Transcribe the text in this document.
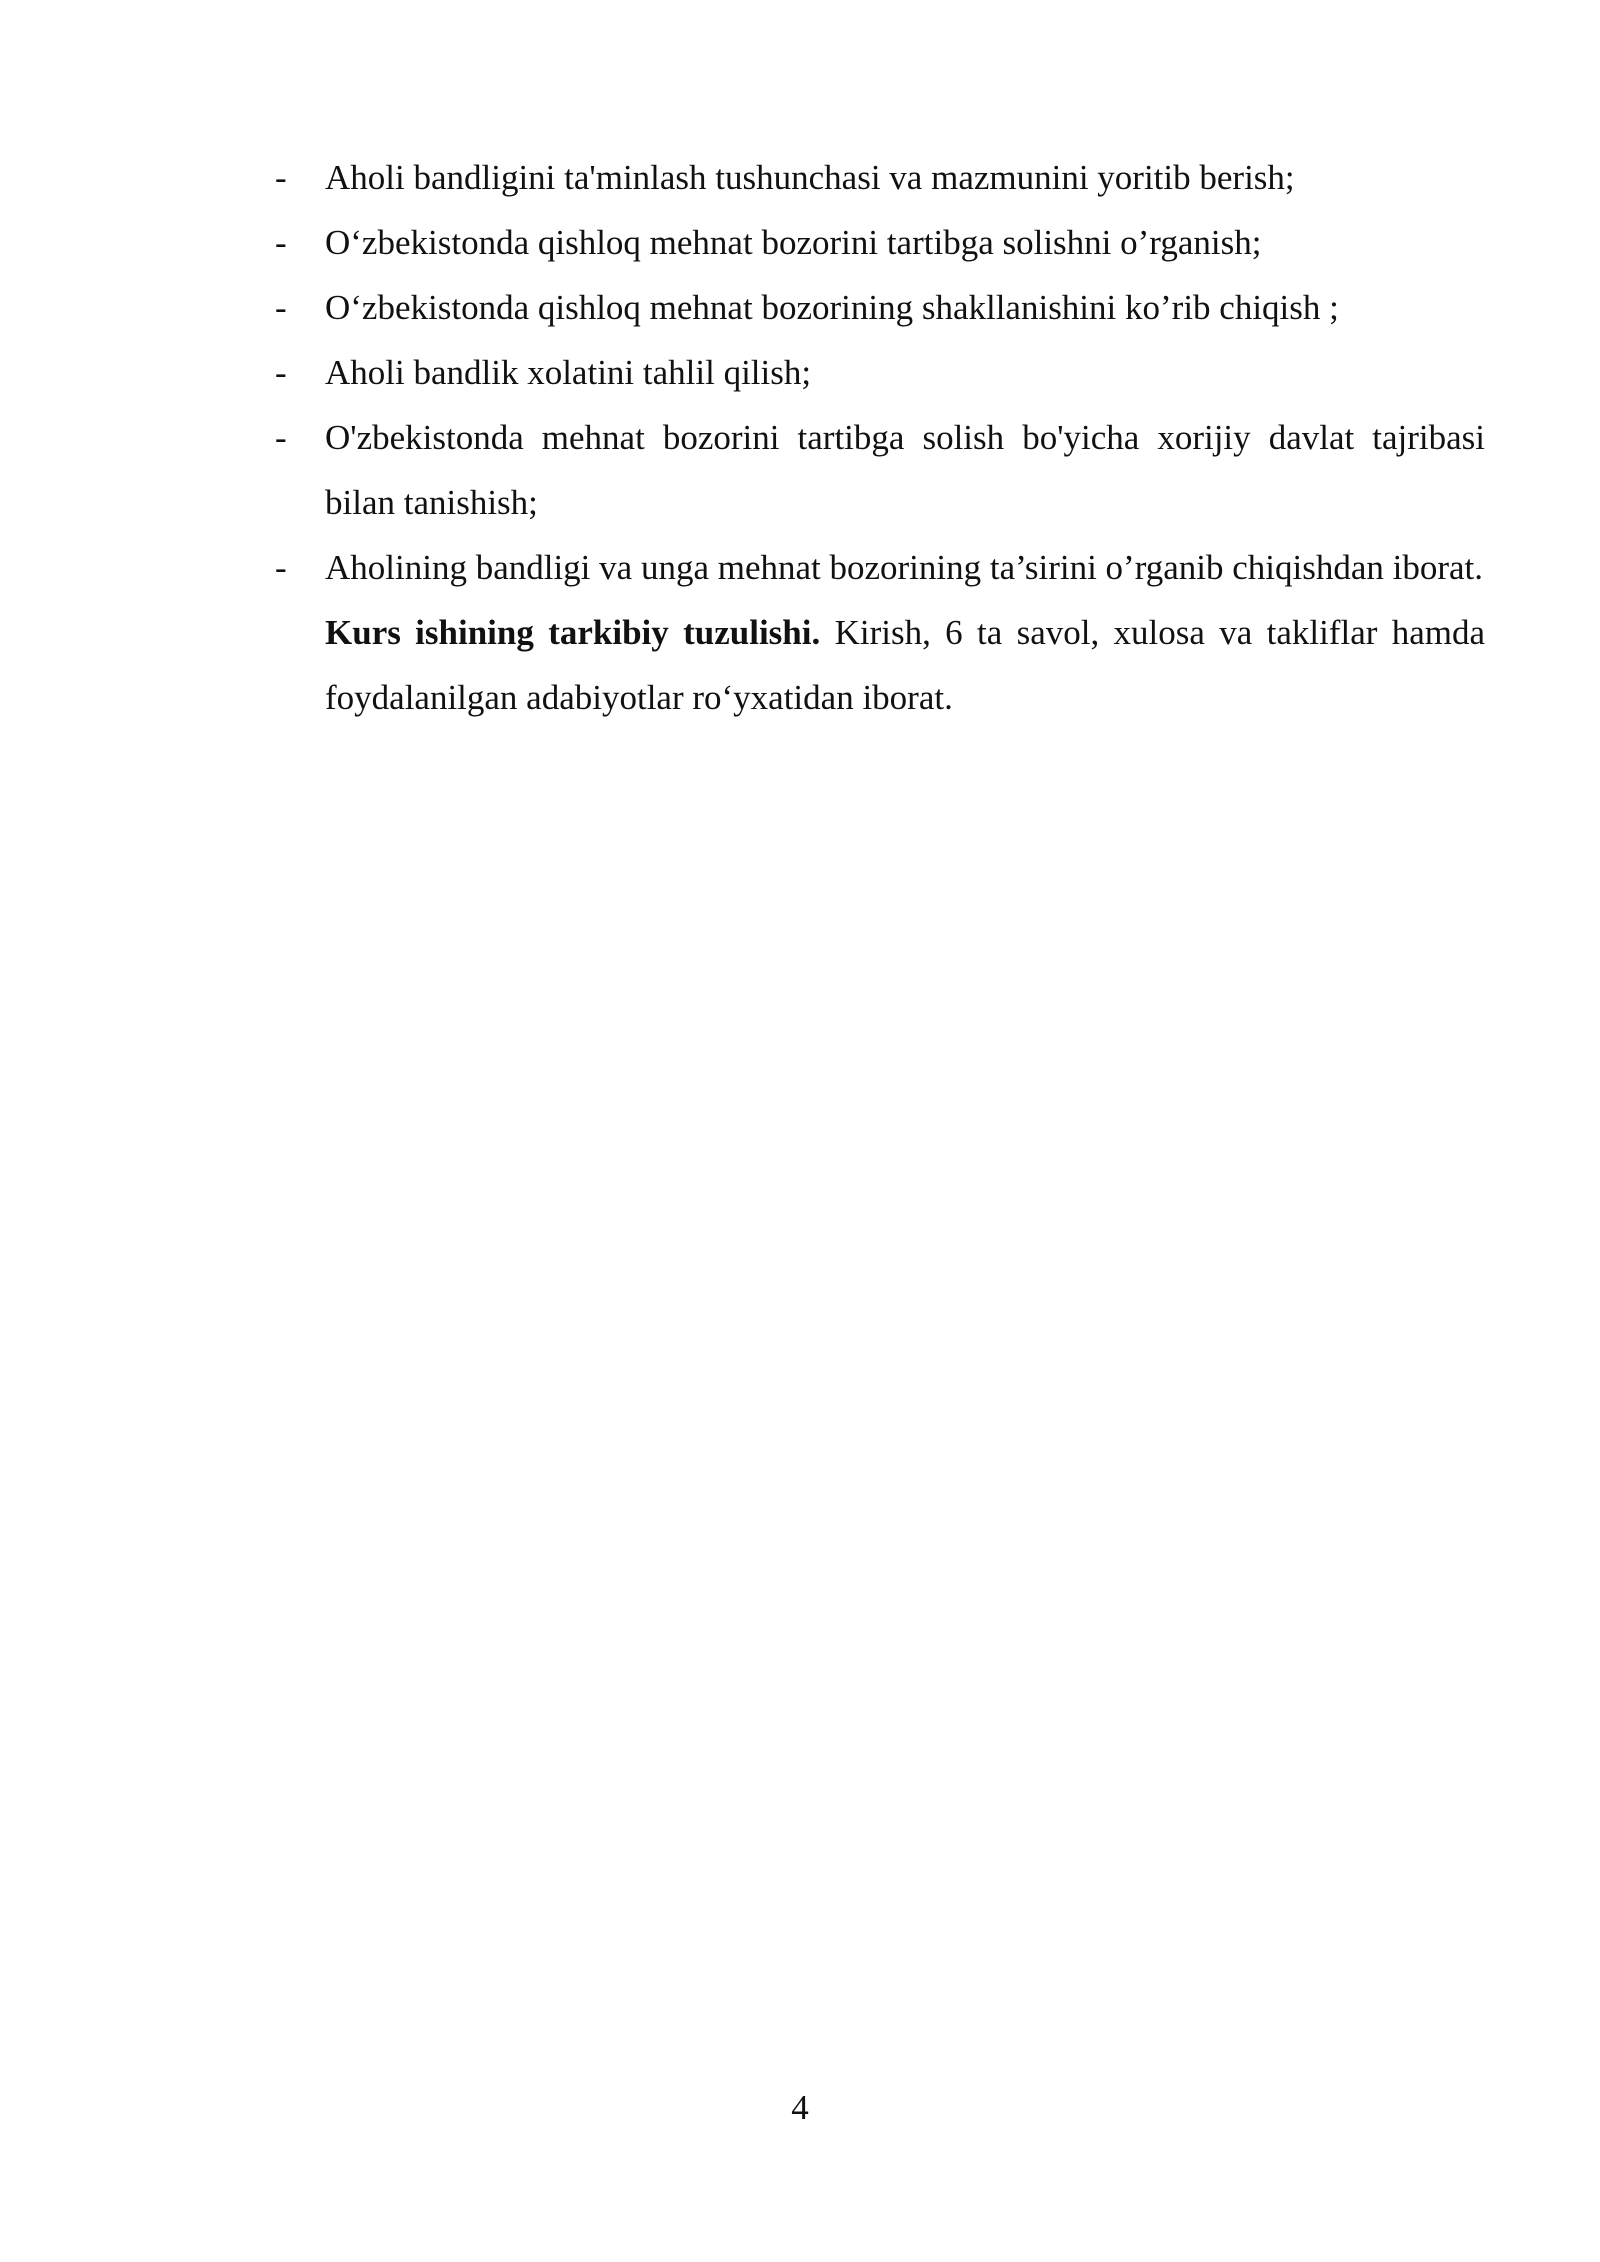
- Aholi bandligini ta'minlash tushunchasi va mazmunini yoritib berish;
- O‘zbekistonda qishloq mehnat bozorini tartibga solishni o’rganish;
- O‘zbekistonda qishloq mehnat bozorining shakllanishini ko’rib chiqish ;
- Aholi bandlik xolatini tahlil qilish;
- O'zbekistonda mehnat bozorini tartibga solish bo'yicha xorijiy davlat tajribasi bilan tanishish;
- Aholining bandligi va unga mehnat bozorining ta’sirini o’rganib chiqishdan iborat.
Kurs ishining tarkibiy tuzulishi. Kirish, 6 ta savol, xulosa va takliflar hamda foydalanilgan adabiyotlar ro‘yxatidan iborat.
4
